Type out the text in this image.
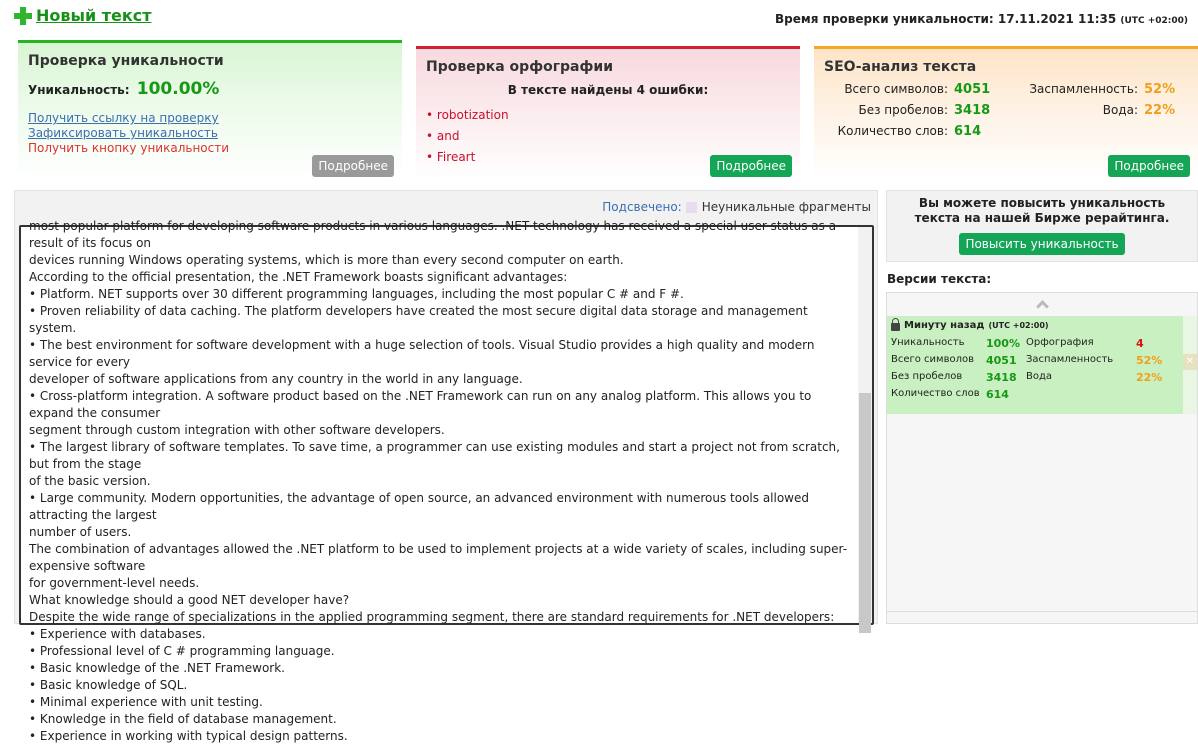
Новый текст	Время проверки уникальности: 17.11.2021 11:35 (UTC +02:00)
Проверка уникальности
Уникальность: 100.00%
Получить ссылку на проверку
Зафиксировать уникальность
Получить кнопку уникальности
Подробнее
Проверка орфографии
В тексте найдены 4 ошибки:
• robotization
• and
• Fireart
Подробнее
SEO-анализ текста
Всего символов: 4051	Заспамленность: 52%
Без пробелов: 3418	Вода: 22%
Количество слов: 614
Подробнее
Подсвечено: Неуникальные фрагменты
most popular platform for developing software products in various languages. .NET technology has received a special user status as a result of its focus on
devices running Windows operating systems, which is more than every second computer on earth.
According to the official presentation, the .NET Framework boasts significant advantages:
• Platform. NET supports over 30 different programming languages, including the most popular C # and F #.
• Proven reliability of data caching. The platform developers have created the most secure digital data storage and management system.
• The best environment for software development with a huge selection of tools. Visual Studio provides a high quality and modern service for every
developer of software applications from any country in the world in any language.
• Cross-platform integration. A software product based on the .NET Framework can run on any analog platform. This allows you to expand the consumer
segment through custom integration with other software developers.
• The largest library of software templates. To save time, a programmer can use existing modules and start a project not from scratch, but from the stage
of the basic version.
• Large community. Modern opportunities, the advantage of open source, an advanced environment with numerous tools allowed attracting the largest
number of users.
The combination of advantages allowed the .NET platform to be used to implement projects at a wide variety of scales, including super-expensive software
for government-level needs.
What knowledge should a good NET developer have?
Despite the wide range of specializations in the applied programming segment, there are standard requirements for .NET developers:
• Experience with databases.
• Professional level of C # programming language.
• Basic knowledge of the .NET Framework.
• Basic knowledge of SQL.
• Minimal experience with unit testing.
• Knowledge in the field of database management.
• Experience in working with typical design patterns.

Вы можете повысить уникальность текста на нашей Бирже рерайтинга.

Повысить уникальность
Версии текста:
Минуту назад (UTC +02:00)
Уникальность	100% Орфография	4
Всего символов	4051 Заспамленность	52%
Без пробелов	3418 Вода	22%
Количество слов 614
✕
